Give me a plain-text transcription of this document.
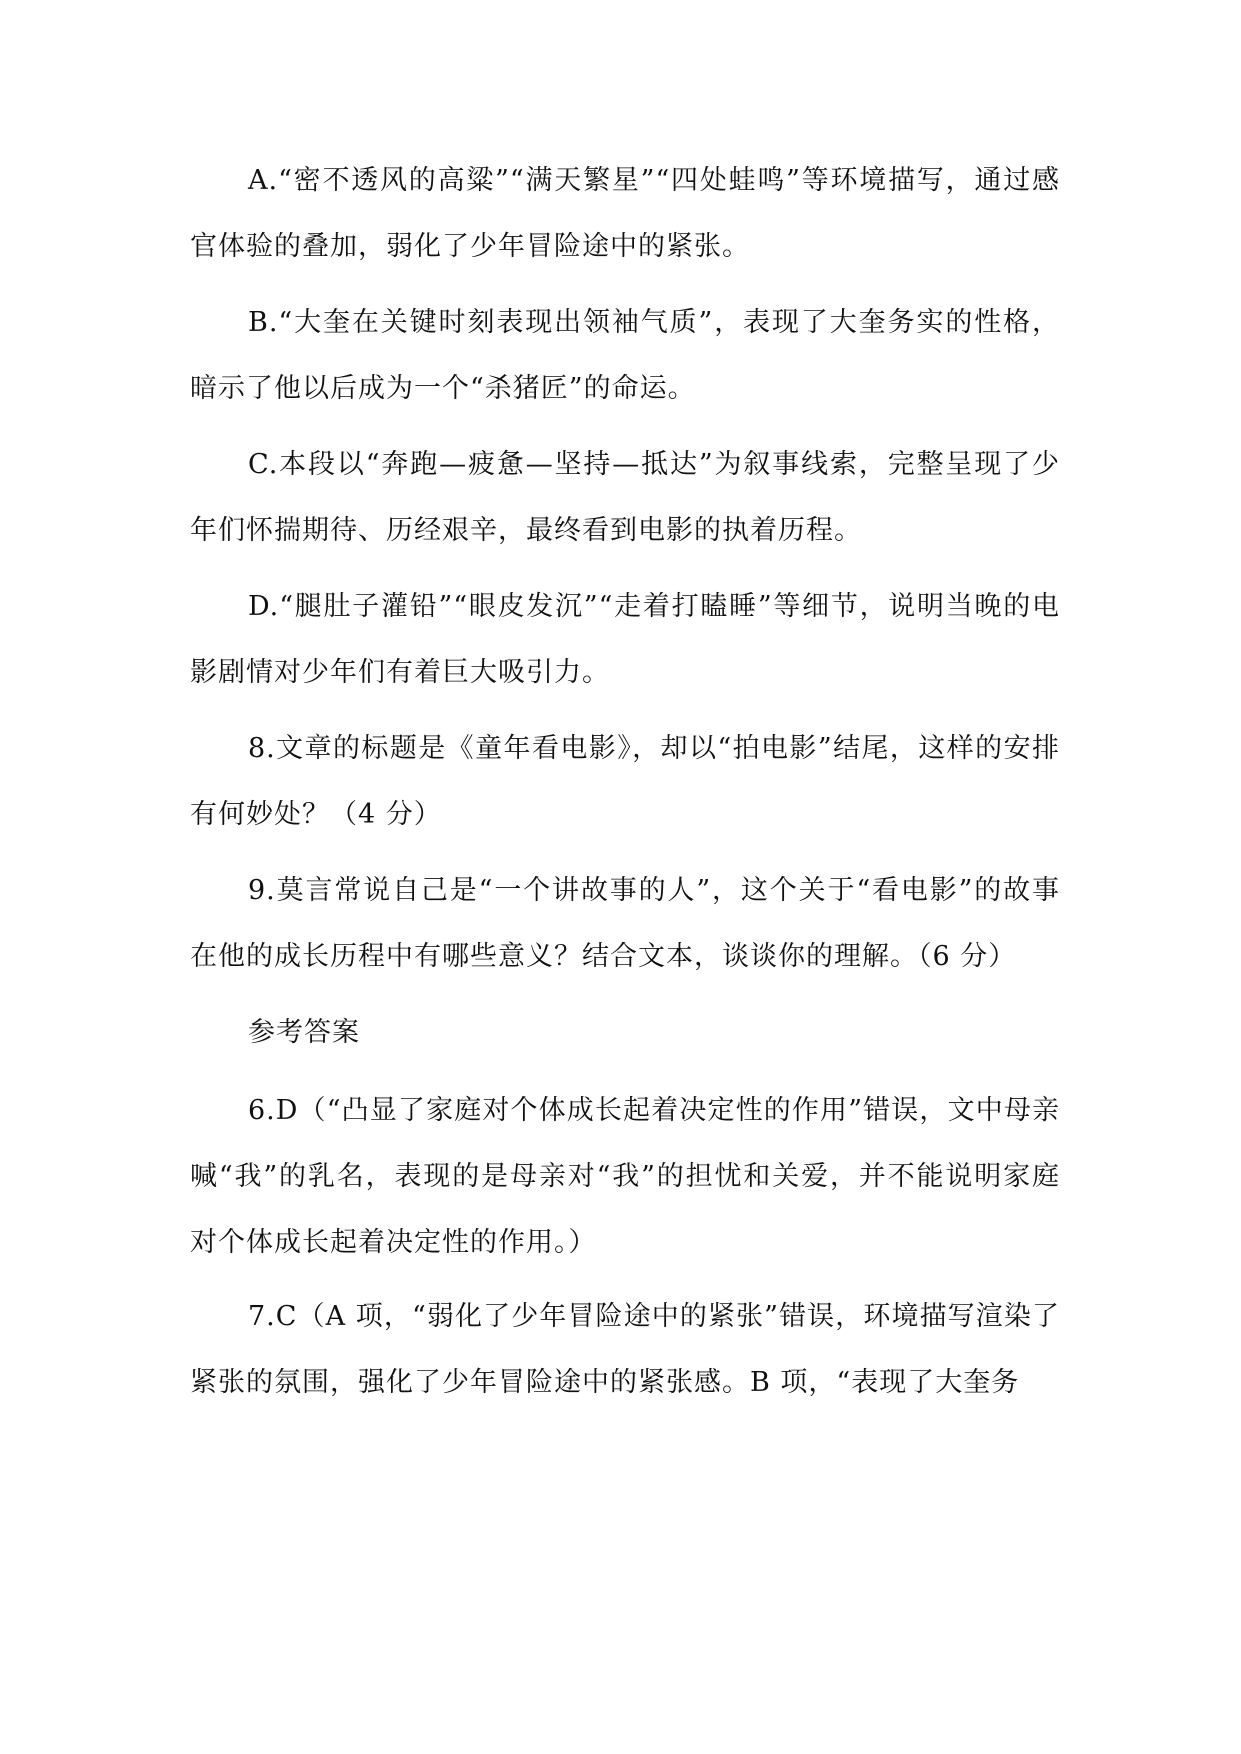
A.“密不透风的高粱”“满天繁星”“四处蛙鸣”等环境描写，通过感官体验的叠加，弱化了少年冒险途中的紧张。

B.“大奎在关键时刻表现出领袖气质”，表现了大奎务实的性格，暗示了他以后成为一个“杀猪匠”的命运。

C.本段以“奔跑—疲惫—坚持—抵达”为叙事线索，完整呈现了少年们怀揣期待、历经艰辛，最终看到电影的执着历程。

D.“腿肚子灌铅”“眼皮发沉”“走着打瞌睡”等细节，说明当晚的电影剧情对少年们有着巨大吸引力。

8.文章的标题是《童年看电影》，却以“拍电影”结尾，这样的安排有何妙处？（4 分）

9.莫言常说自己是“一个讲故事的人”，这个关于“看电影”的故事在他的成长历程中有哪些意义？结合文本，谈谈你的理解。（6 分）

参考答案

6.D（“凸显了家庭对个体成长起着决定性的作用”错误，文中母亲喊“我”的乳名，表现的是母亲对“我”的担忧和关爱，并不能说明家庭对个体成长起着决定性的作用。）

7.C（A 项，“弱化了少年冒险途中的紧张”错误，环境描写渲染了紧张的氛围，强化了少年冒险途中的紧张感。B 项，“表现了大奎务
